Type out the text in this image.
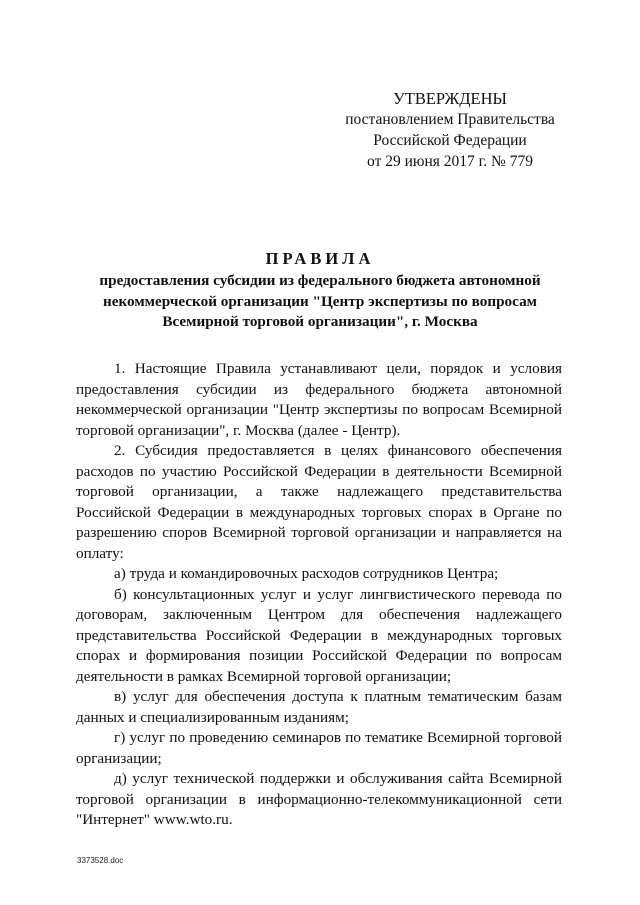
УТВЕРЖДЕНЫ
постановлением Правительства
Российской Федерации
от 29 июня 2017 г. № 779
ПРАВИЛА
предоставления субсидии из федерального бюджета автономной некоммерческой организации "Центр экспертизы по вопросам Всемирной торговой организации", г. Москва

1. Настоящие Правила устанавливают цели, порядок и условия предоставления субсидии из федерального бюджета автономной некоммерческой организации "Центр экспертизы по вопросам Всемирной торговой организации", г. Москва (далее - Центр).

2. Субсидия предоставляется в целях финансового обеспечения расходов по участию Российской Федерации в деятельности Всемирной торговой организации, а также надлежащего представительства Российской Федерации в международных торговых спорах в Органе по разрешению споров Всемирной торговой организации и направляется на оплату:

а) труда и командировочных расходов сотрудников Центра;

б) консультационных услуг и услуг лингвистического перевода по договорам, заключенным Центром для обеспечения надлежащего представительства Российской Федерации в международных торговых спорах и формирования позиции Российской Федерации по вопросам деятельности в рамках Всемирной торговой организации;

в) услуг для обеспечения доступа к платным тематическим базам данных и специализированным изданиям;

г) услуг по проведению семинаров по тематике Всемирной торговой организации;

д) услуг технической поддержки и обслуживания сайта Всемирной торговой организации в информационно-телекоммуникационной сети "Интернет" www.wto.ru.

3373528.doc
